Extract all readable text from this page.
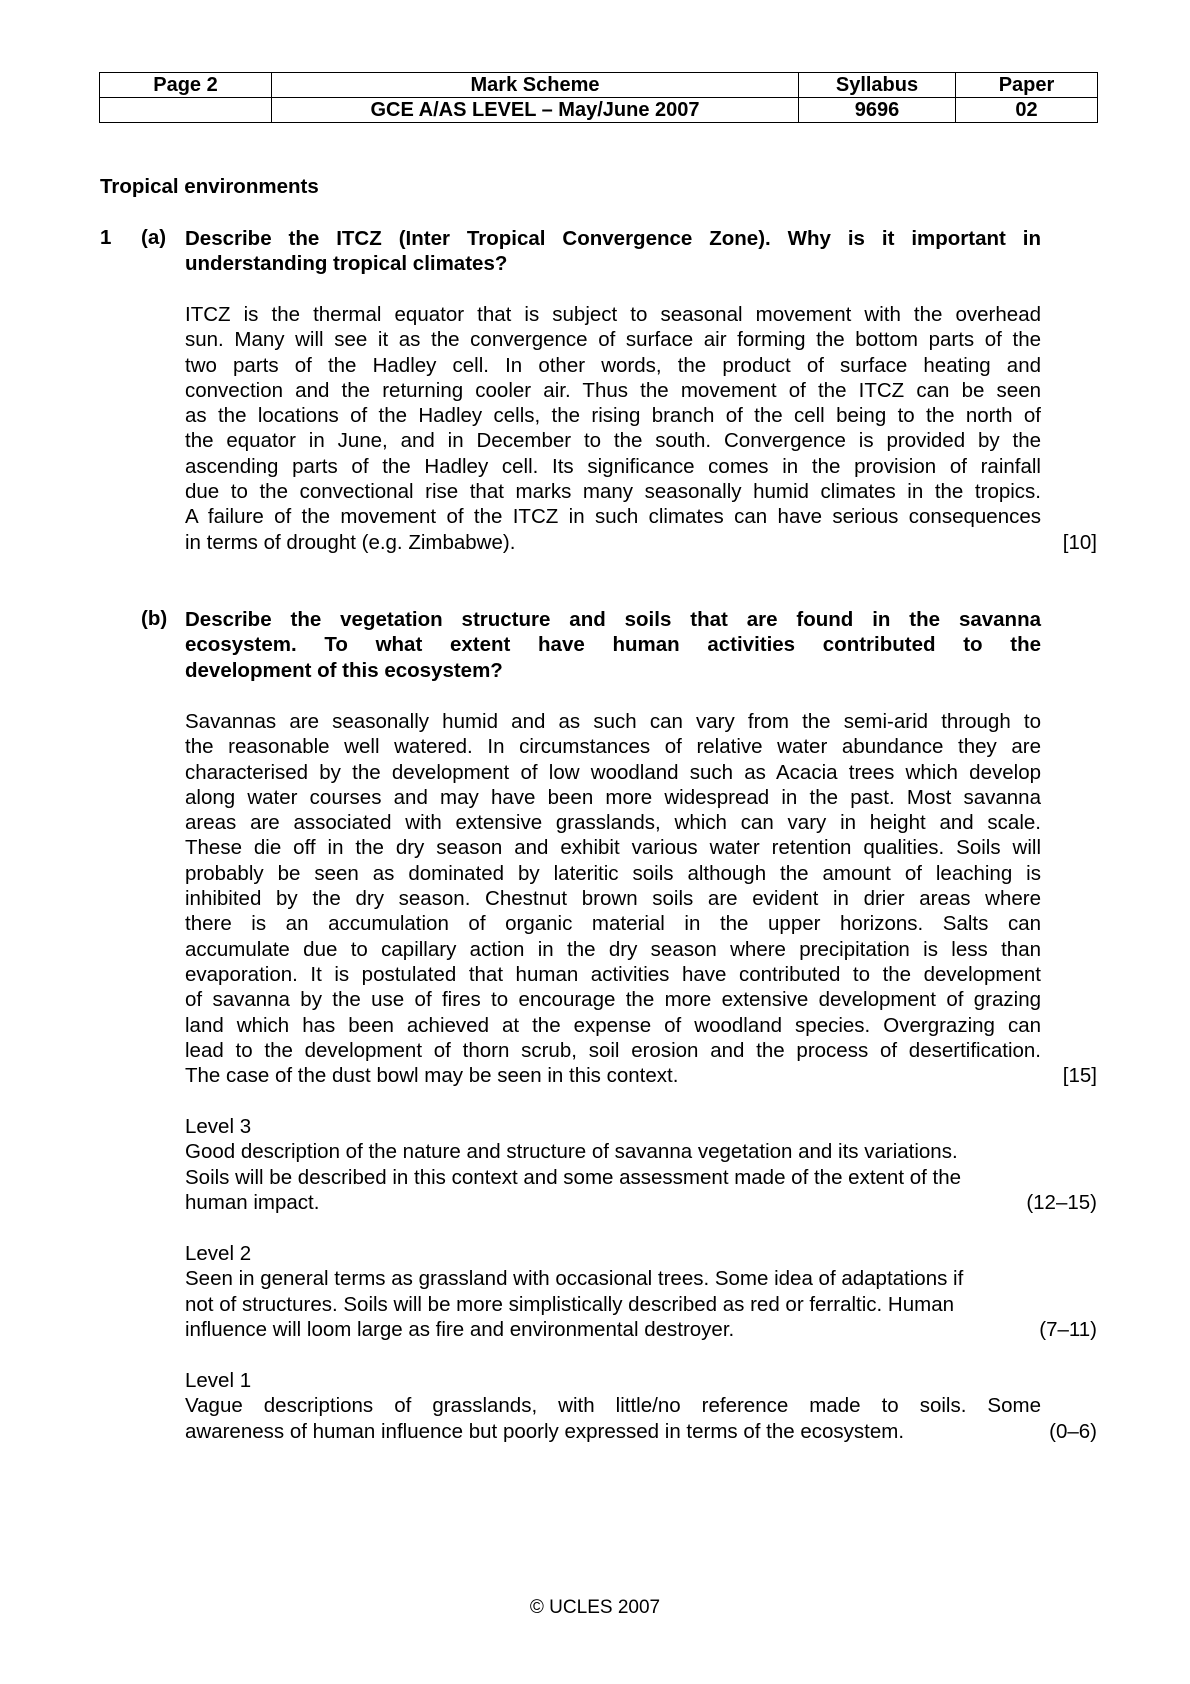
Page 2	Mark Scheme	Syllabus	Paper
	GCE A/AS LEVEL – May/June 2007	9696	02
Tropical environments
1 (a) Describe the ITCZ (Inter Tropical Convergence Zone). Why is it important in
understanding tropical climates?
ITCZ is the thermal equator that is subject to seasonal movement with the overhead
sun. Many will see it as the convergence of surface air forming the bottom parts of the
two parts of the Hadley cell. In other words, the product of surface heating and
convection and the returning cooler air. Thus the movement of the ITCZ can be seen
as the locations of the Hadley cells, the rising branch of the cell being to the north of
the equator in June, and in December to the south. Convergence is provided by the
ascending parts of the Hadley cell. Its significance comes in the provision of rainfall
due to the convectional rise that marks many seasonally humid climates in the tropics.
A failure of the movement of the ITCZ in such climates can have serious consequences
in terms of drought (e.g. Zimbabwe).	[10]
(b) Describe the vegetation structure and soils that are found in the savanna
ecosystem. To what extent have human activities contributed to the
development of this ecosystem?
Savannas are seasonally humid and as such can vary from the semi-arid through to
the reasonable well watered. In circumstances of relative water abundance they are
characterised by the development of low woodland such as Acacia trees which develop
along water courses and may have been more widespread in the past. Most savanna
areas are associated with extensive grasslands, which can vary in height and scale.
These die off in the dry season and exhibit various water retention qualities. Soils will
probably be seen as dominated by lateritic soils although the amount of leaching is
inhibited by the dry season. Chestnut brown soils are evident in drier areas where
there is an accumulation of organic material in the upper horizons. Salts can
accumulate due to capillary action in the dry season where precipitation is less than
evaporation. It is postulated that human activities have contributed to the development
of savanna by the use of fires to encourage the more extensive development of grazing
land which has been achieved at the expense of woodland species. Overgrazing can
lead to the development of thorn scrub, soil erosion and the process of desertification.
The case of the dust bowl may be seen in this context.	[15]
Level 3
Good description of the nature and structure of savanna vegetation and its variations.
Soils will be described in this context and some assessment made of the extent of the
human impact.	(12–15)
Level 2
Seen in general terms as grassland with occasional trees. Some idea of adaptations if
not of structures. Soils will be more simplistically described as red or ferraltic. Human
influence will loom large as fire and environmental destroyer.	(7–11)
Level 1
Vague descriptions of grasslands, with little/no reference made to soils. Some
awareness of human influence but poorly expressed in terms of the ecosystem.	(0–6)
© UCLES 2007
